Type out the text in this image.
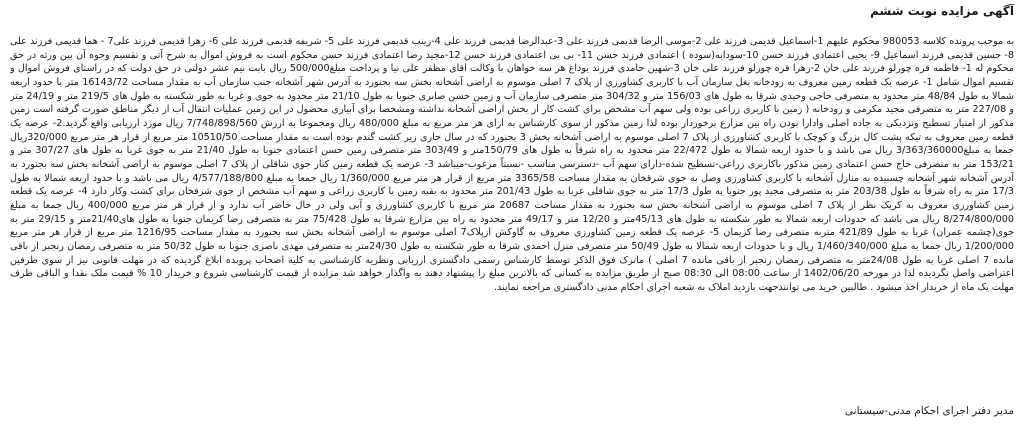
آگهی مزایده نوبت ششم
به موجب پرونده کلاسه 980053 محکوم علیهم 1-اسماعیل قدیمی فرزند علی 2-موسی الرضا قدیمی فرزند علی 3-عبدالرضا قدیمی فرزند علی 4-زینب قدیمی فرزند علی 5- شریفه قدیمی فرزند علی 6- زهرا قدیمی فرزند علی7 - هما قدیمی فرزند علی 8- حسین قدیمی فرزند اسماعیل 9- یحیی اعتمادی فرزند حسن 10-سودابه(سوده ) اعتمادی فرزند حسن 11- بی بی اعتمادی فرزند حسن 12-مجید رضا اعتمادی فرزند حسن محکوم است به فروش اموال به شرح آتی و تقسیم وجوه آن بین ورثه در حق محکوم له 1- فاطمه قره چورلو فرزند علی خان 2-زهرا قره چورلو فرزند علی خان 3-شهین حامدی فرزند یوداغ هر سه خواهان با وکالت اقای مظفر علی نیا و پرداخت مبلغ500/000 ریال بابت نیم عشر دولتی در حق دولت که در راستای فروش اموال و تقسیم اموال شامل 1- عرصه یک قطعه زمین معروف به رودخانه بغل سازمان آب با کاربری کشاورزی از پلاک 7 اصلی موسوم به اراضی آشخانه بخش سه بجنورد به آدرس شهر آشخانه جنب سازمان آب به مقدار مساحت 16143/72 متر با حدود اربعه شمالا به طول 48/84 متر محدود به متصرفی حاجی وحیدی شرقا به طول های 156/03 متر و 304/32 متر متصرفی سازمان آب و زمین حسن صابری جنوبا به طول 21/10 متر محدود به جوی و غربا به طور شکسته به طول های 219/5 متر و 24/19 متر و 227/08 متر به متصرفی مجید مکرمی و رودخانه ( زمین با کاربری زراعی بوده ولی سهم آب مشخص برای کشت کار از بخش اراضی آشخانه نداشته ومشخصا برای آبیاری محصول در این زمین عملیات انتقال آب از دیگر مناطق صورت گرفته است زمین مذکور از امتیاز تسطیح ونزدیکی به جاده اصلی وادارا بودن راه بین مزارع برخوردار بوده لذا زمین مذکور از سوی کارشناس به ازای هر متر مربع به مبلغ 480/000 ریال ومجموعا به ارزش 7/748/898/560 ریال مورد ارزیابی واقع گردید.2- عرصه یک قطعه زمین معروف به تیکه پشت کال بزرگ و کوچک با کاربری کشاورزی از پلاک 7 اصلی موسوم به اراضی آشخانه بخش 3 بجنورد که در سال جاری زیر کشت گندم بوده است به مقدار مساحت 10510/50 متر مربع از قرار هر متر مربع 320/000ریال جمعا به مبلغ3/363/360000 ریال می باشد و با حدود اربعه شمالا به طول 22/472 متر محدود به راه شرقاً به طول های 150/79متر و 303/49 متر متصرفی زمین حسن اعتمادی جنوبا به طول 21/40 متر به جوی غربا به طول های 307/27 متر و 153/21 متر به متصرفی حاج حسن اعتمادی زمین مذکور باکاربری زراعی-تسطیح شده-دارای سهم آب -دسترسی مناسب -نسبتاً مرغوب-میباشد 3- عرصه یک قطعه زمین کنار جوی شاقلی از پلاک 7 اصلی موسوم به اراضی آشخانه بخش سه بجنورد به آدرس آشخانه شهر آشخانه چسبیده به منازل آشخانه با کاربری کشاورزی وصل به جوی شرقخان به مقدار مساحت 3365/58 متر مربع از قرار هر متر مربع 1/360/000 ریال جمعا به مبلغ 4/577/188/800 ریال می باشد و با حدود اربعه شمالا به طول 17/3 متر به راه شرقاً به طول 203/38 متر به متصرفی مجید پور جنوبا به طول 17/3 متر به جوی شاقلی غربا به طول 201/43 متر محدود به بقیه زمین با کاربری زراعی و سهم آب مشخص از جوی شرقخان برای کشت وکار دارد 4- عرصه یک قطعه زمین کشاورزی معروف به کریک نظر از پلاک 7 اصلی موسوم به اراضی آشخانه بخش سه بجنورد به مقدار مساحت 20687 متر مربع با کاربری کشاورزی و آبی ولی در حال حاضر آب ندارد و از قرار هر متر مربع 400/000 ریال جمعا به مبلغ 8/274/800/000 ریال می باشد که حدودات اربعه شمالا به طور شکسته به طول های 45/13متر و 12/20 متر و 49/17 متر محدود به راه بین مزارع شرقا به طول 75/428 متر به متصرفی رضا کریمان جنوبا به طول های21/40متر و 29/15 متر به جوی(چشمه عمران) غربا به طول 421/89 متربه متصرفی رضا کریمان 5- عرصه یک قطعه زمین کشاورزی معروف به گاوکش ازپلاک7 اصلی موسوم به اراضی آشخانه بخش سه بجنورد به مقدار مساحت 1216/95 متر مربع از قرار هر متر مربع 1/200/000 ریال جمعا به مبلغ 1/460/340/000 ریال و با حدودات اربعه شمالا به طول 50/49 متر متصرفی منزل احمدی شرقا به طور شکسته به طول 24/30متر به متصرفی مهدی ناصری جنوبا به طول 50/32 متر به متصرفی رمضان رنجبر از باقی مانده 7 اصلی غربا به طول 24/08متر به متصرفی رمضان رنجبر از باقی مانده 7 اصلی ) ماترک فوق الذکر توسط کارشناس رسمی دادگستری ارزیابی ونظریه کارشناسی به کلیه اصحاب پرونده ابلاغ گردیده که در مهلت قانونی نیز از سوی طرفین اعتراضی واصل نگردیده لذا در مورخه 1402/06/20 از ساعت 08:00 الی 08:30 صبح از طریق مزایده به کسانی که بالاترین مبلغ را پیشنهاد دهند به واگذار خواهد شد مزایده از قیمت کارشناسی شروع و خریدار 10 % قیمت ملک نقدا و الباقی ظرف مهلت یک ماه از خریدار اخذ میشود . طالبین خرید می توانندجهت بازدید املاک به شعبه اجرای احکام مدنی دادگستری مراجعه نمایند.
مدیر دفتر اجرای احکام مدنی-سیستانی
